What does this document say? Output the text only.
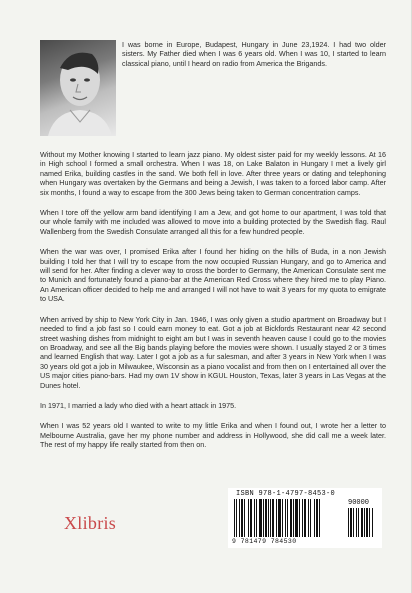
I was borne in Europe, Budapest, Hungary in June 23,1924. I had two older sisters. My Father died when I was 6 years old. When I was 10, I started to learn classical piano, until I heard on radio from America the Brigands.

Without my Mother knowing I started to learn jazz piano. My oldest sister paid for my weekly lessons. At 16 in High school I formed a small orchestra. When I was 18, on Lake Balaton in Hungary I met a lively girl named Erika, building castles in the sand. We both fell in love. After three years or dating and telephoning when Hungary was overtaken by the Germans and being a Jewish, I was taken to a forced labor camp. After six months, I found a way to escape from the 300 Jews being taken to German concentration camps.

When I tore off the yellow arm band identifying I am a Jew, and got home to our apartment, I was told that our whole family with me included was allowed to move into a building protected by the Swedish flag. Raul Wallenberg from the Swedish Consulate arranged all this for a few hundred people.

When the war was over, I promised Erika after I found her hiding on the hills of Buda, in a non Jewish building I told her that I will try to escape from the now occupied Russian Hungary, and go to America and will send for her. After finding a clever way to cross the border to Germany, the American Consulate sent me to Munich and fortunately found a piano-bar at the American Red Cross where they hired me to play Piano. An American officer decided to help me and arranged I will not have to wait 3 years for my quota to emigrate to USA.

When arrived by ship to New York City in Jan. 1946, I was only given a studio apartment on Broadway but I needed to find a job fast so I could earn money to eat. Got a job at Bickfords Restaurant near 42 second street washing dishes from midnight to eight am but I was in seventh heaven cause I could go to the movies on Broadway, and see all the Big bands playing before the movies were shown. I usually stayed 2 or 3 times and learned English that way. Later I got a job as a fur salesman, and after 3 years in New York when I was 30 years old got a job in Milwaukee, Wisconsin as a piano vocalist and from then on I entertained all over the US major cities piano-bars. Had my own 1V show in KGUL Houston, Texas, later 3 years in Las Vegas at the Dunes hotel.

In 1971, I married a lady who died with a heart attack in 1975.

When I was 52 years old I wanted to write to my little Erika and when I found out, I wrote her a letter to Melbourne Australia, gave her my phone number and address in Hollywood, she did call me a week later. The rest of my happy life really started from then on.

Xlibris
ISBN 978-1-4797-8453-0
90000
9 781479 784530
